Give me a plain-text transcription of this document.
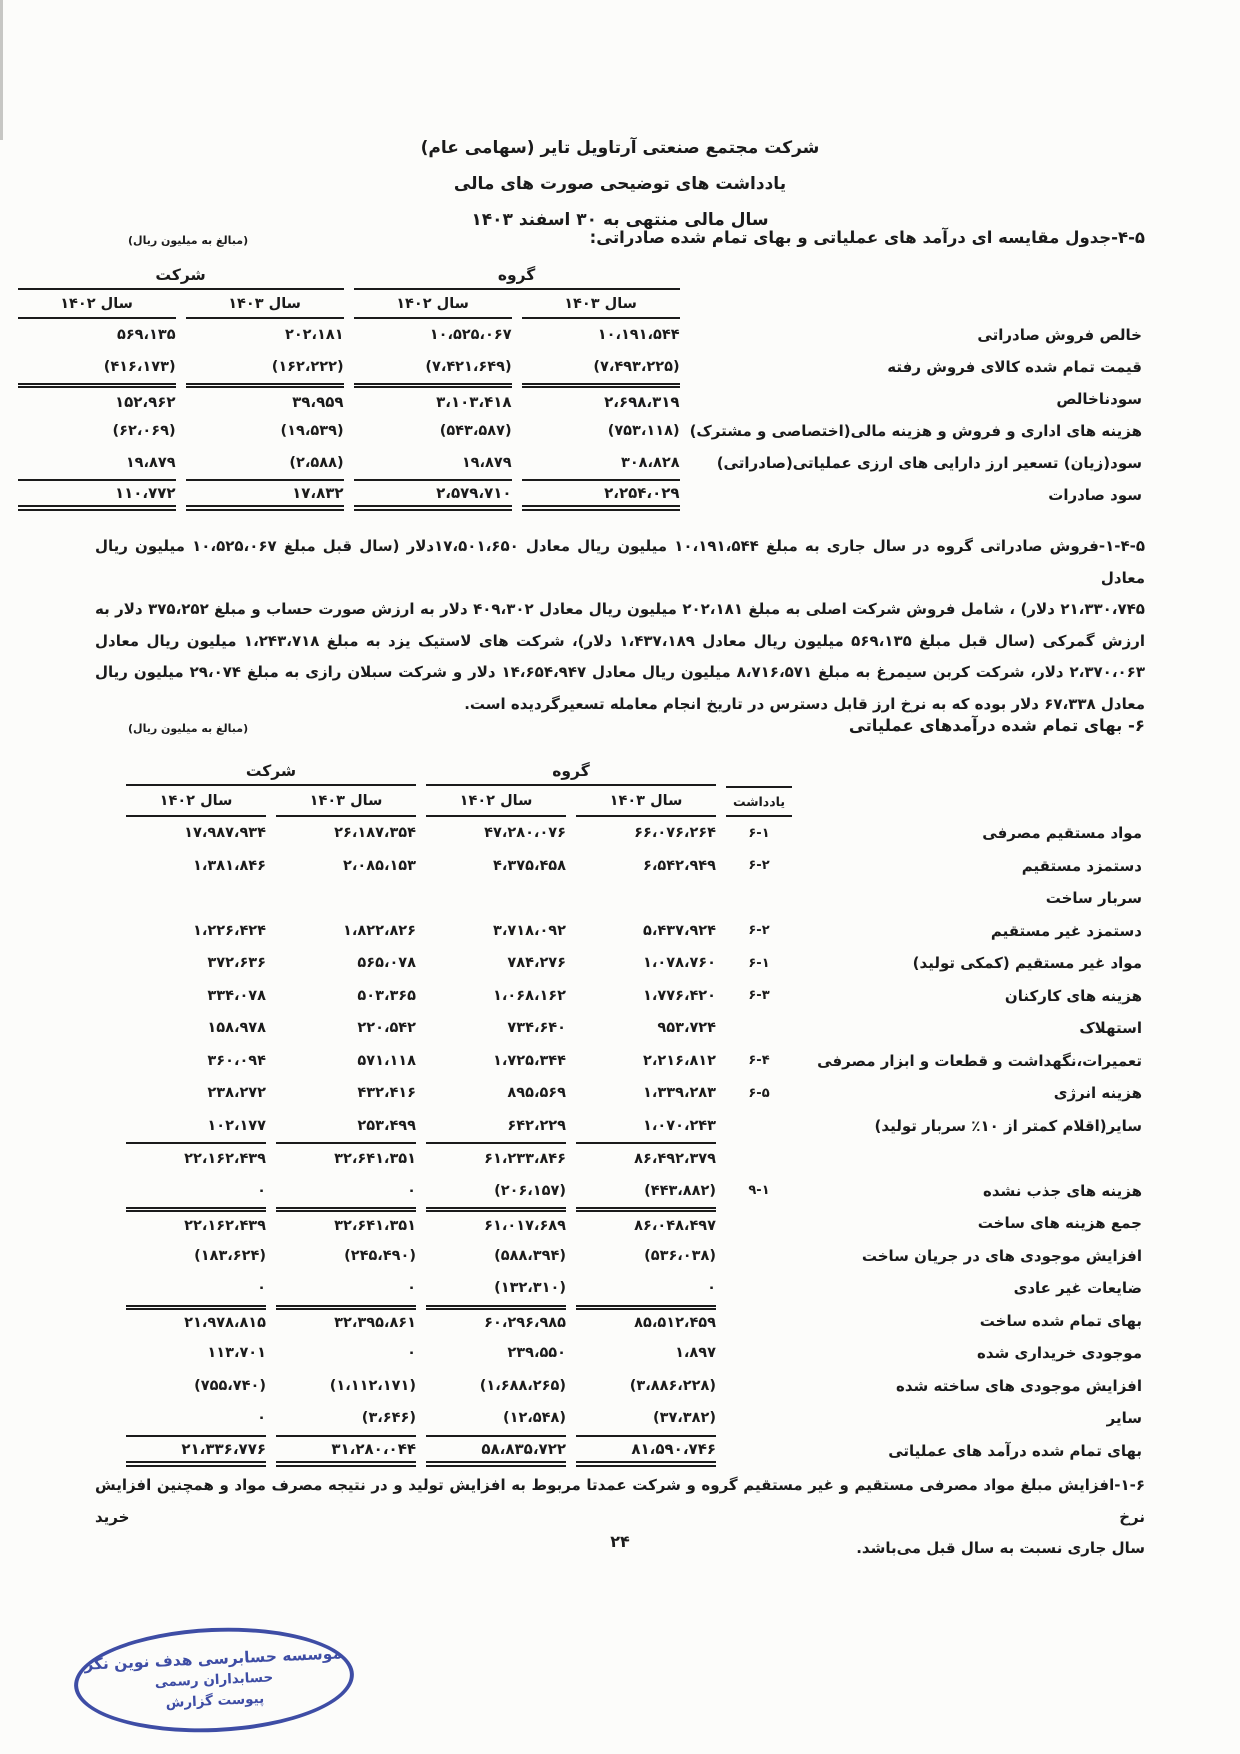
شرکت مجتمع صنعتی آرتاویل تایر (سهامی عام)
یادداشت های توضیحی صورت های مالی
سال مالی منتهی به ۳۰ اسفند ۱۴۰۳
۴-۵-جدول مقایسه ای درآمد های عملیاتی و بهای تمام شده صادراتی:
(مبالغ به میلیون ریال)
	گروه		شرکت	
	سال ۱۴۰۳	سال ۱۴۰۲	سال ۱۴۰۳	سال ۱۴۰۲
خالص فروش صادراتی	۱۰،۱۹۱،۵۴۴	۱۰،۵۲۵،۰۶۷	۲۰۲،۱۸۱	۵۶۹،۱۳۵
قیمت تمام شده کالای فروش رفته	(۷،۴۹۳،۲۲۵)	(۷،۴۲۱،۶۴۹)	(۱۶۲،۲۲۲)	(۴۱۶،۱۷۳)
سودناخالص	۲،۶۹۸،۳۱۹	۳،۱۰۳،۴۱۸	۳۹،۹۵۹	۱۵۲،۹۶۲
هزینه های اداری و فروش و هزینه مالی(اختصاصی و مشترک)	(۷۵۳،۱۱۸)	(۵۴۳،۵۸۷)	(۱۹،۵۳۹)	(۶۲،۰۶۹)
سود(زیان) تسعیر ارز دارایی های ارزی عملیاتی(صادراتی)	۳۰۸،۸۲۸	۱۹،۸۷۹	(۲،۵۸۸)	۱۹،۸۷۹
سود صادرات	۲،۲۵۴،۰۲۹	۲،۵۷۹،۷۱۰	۱۷،۸۳۲	۱۱۰،۷۷۲
۱-۴-۵-فروش صادراتی گروه در سال جاری به مبلغ ۱۰،۱۹۱،۵۴۴ میلیون ریال معادل ۱۷،۵۰۱،۶۵۰دلار (سال قبل مبلغ ۱۰،۵۲۵،۰۶۷ میلیون ریال معادل
۲۱،۳۳۰،۷۴۵ دلار) ، شامل فروش شرکت اصلی به مبلغ ۲۰۲،۱۸۱ میلیون ریال معادل ۴۰۹،۳۰۲ دلار به ارزش صورت حساب و مبلغ ۳۷۵،۲۵۲ دلار به
ارزش گمرکی (سال قبل مبلغ ۵۶۹،۱۳۵ میلیون ریال معادل ۱،۴۳۷،۱۸۹ دلار)، شرکت های لاستیک یزد به مبلغ ۱،۲۴۳،۷۱۸ میلیون ریال معادل
۲،۳۷۰،۰۶۳ دلار، شرکت کربن سیمرغ به مبلغ ۸،۷۱۶،۵۷۱ میلیون ریال معادل ۱۴،۶۵۴،۹۴۷ دلار و شرکت سبلان رازی به مبلغ ۲۹،۰۷۴ میلیون ریال
معادل ۶۷،۳۳۸ دلار بوده که به نرخ ارز قابل دسترس در تاریخ انجام معامله تسعیرگردیده است.
۶- بهای تمام شده درآمدهای عملیاتی
(مبالغ به میلیون ریال)
		گروه		شرکت	
	یادداشت	سال ۱۴۰۳	سال ۱۴۰۲	سال ۱۴۰۳	سال ۱۴۰۲
مواد مستقیم مصرفی	۶-۱	۶۶،۰۷۶،۲۶۴	۴۷،۲۸۰،۰۷۶	۲۶،۱۸۷،۳۵۴	۱۷،۹۸۷،۹۳۴
دستمزد مستقیم	۶-۲	۶،۵۴۲،۹۴۹	۴،۳۷۵،۴۵۸	۲،۰۸۵،۱۵۳	۱،۳۸۱،۸۴۶
سربار ساخت					
دستمزد غیر مستقیم	۶-۲	۵،۴۳۷،۹۲۴	۳،۷۱۸،۰۹۲	۱،۸۲۲،۸۲۶	۱،۲۲۶،۴۲۴
مواد غیر مستقیم (کمکی تولید)	۶-۱	۱،۰۷۸،۷۶۰	۷۸۴،۲۷۶	۵۶۵،۰۷۸	۳۷۲،۶۳۶
هزینه های کارکنان	۶-۳	۱،۷۷۶،۴۲۰	۱،۰۶۸،۱۶۲	۵۰۳،۳۶۵	۳۳۴،۰۷۸
استهلاک		۹۵۳،۷۲۴	۷۳۴،۶۴۰	۲۲۰،۵۴۲	۱۵۸،۹۷۸
تعمیرات،نگهداشت و قطعات و ابزار مصرفی	۶-۴	۲،۲۱۶،۸۱۲	۱،۷۲۵،۳۴۴	۵۷۱،۱۱۸	۳۶۰،۰۹۴
هزینه انرژی	۶-۵	۱،۳۳۹،۲۸۳	۸۹۵،۵۶۹	۴۳۲،۴۱۶	۲۳۸،۲۷۲
سایر(اقلام کمتر از ۱۰٪ سربار تولید)		۱،۰۷۰،۲۴۳	۶۴۲،۲۲۹	۲۵۳،۴۹۹	۱۰۲،۱۷۷
		۸۶،۴۹۲،۳۷۹	۶۱،۲۳۳،۸۴۶	۳۲،۶۴۱،۳۵۱	۲۲،۱۶۲،۴۳۹
هزینه های جذب نشده	۹-۱	(۴۴۳،۸۸۲)	(۲۰۶،۱۵۷)	۰	۰
جمع هزینه های ساخت		۸۶،۰۴۸،۴۹۷	۶۱،۰۱۷،۶۸۹	۳۲،۶۴۱،۳۵۱	۲۲،۱۶۲،۴۳۹
افزایش موجودی های در جریان ساخت		(۵۳۶،۰۳۸)	(۵۸۸،۳۹۴)	(۲۴۵،۴۹۰)	(۱۸۳،۶۲۴)
ضایعات غیر عادی		۰	(۱۳۲،۳۱۰)	۰	۰
بهای تمام شده ساخت		۸۵،۵۱۲،۴۵۹	۶۰،۲۹۶،۹۸۵	۳۲،۳۹۵،۸۶۱	۲۱،۹۷۸،۸۱۵
موجودی خریداری شده		۱،۸۹۷	۲۳۹،۵۵۰	۰	۱۱۳،۷۰۱
افزایش موجودی های ساخته شده		(۳،۸۸۶،۲۲۸)	(۱،۶۸۸،۲۶۵)	(۱،۱۱۲،۱۷۱)	(۷۵۵،۷۴۰)
سایر		(۳۷،۳۸۲)	(۱۲،۵۴۸)	(۳،۶۴۶)	۰
بهای تمام شده درآمد های عملیاتی		۸۱،۵۹۰،۷۴۶	۵۸،۸۳۵،۷۲۲	۳۱،۲۸۰،۰۴۴	۲۱،۳۳۶،۷۷۶
۱-۶-افزایش مبلغ مواد مصرفی مستقیم و غیر مستقیم گروه و شرکت عمدتا مربوط به افزایش تولید و در نتیجه مصرف مواد و همچنین افزایش نرخ خرید
سال جاری نسبت به سال قبل می‌باشد.
۲۴
موسسه حسابرسی هدف نوین نگر
حسابداران رسمی
پیوست گزارش
